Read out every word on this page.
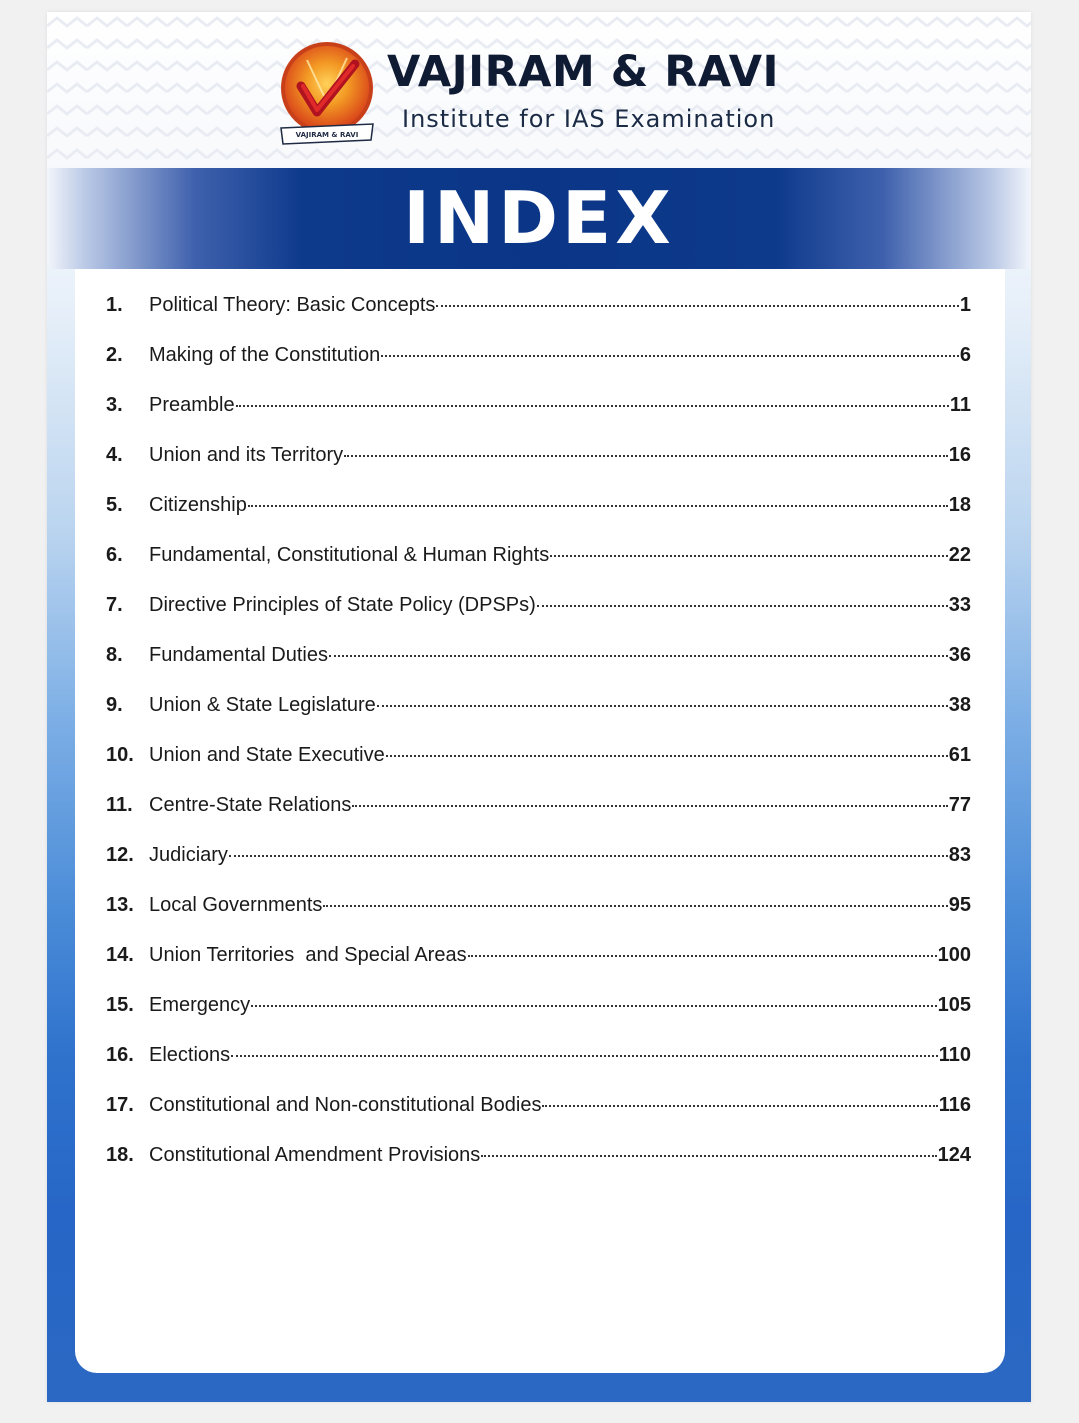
VAJIRAM & RAVI
VAJIRAM & RAVI
Institute for IAS Examination
INDEX
1.	Political Theory: Basic Concepts	1
2.	Making of the Constitution	6
3.	Preamble	11
4.	Union and its Territory	16
5.	Citizenship	18
6.	Fundamental, Constitutional & Human Rights	22
7.	Directive Principles of State Policy (DPSPs)	33
8.	Fundamental Duties	36
9.	Union & State Legislature	38
10. Union and State Executive	61
11. Centre-State Relations	77
12. Judiciary	83
13. Local Governments	95
14. Union Territories  and Special Areas	100
15. Emergency	105
16. Elections	110
17. Constitutional and Non-constitutional Bodies	116
18. Constitutional Amendment Provisions	124
